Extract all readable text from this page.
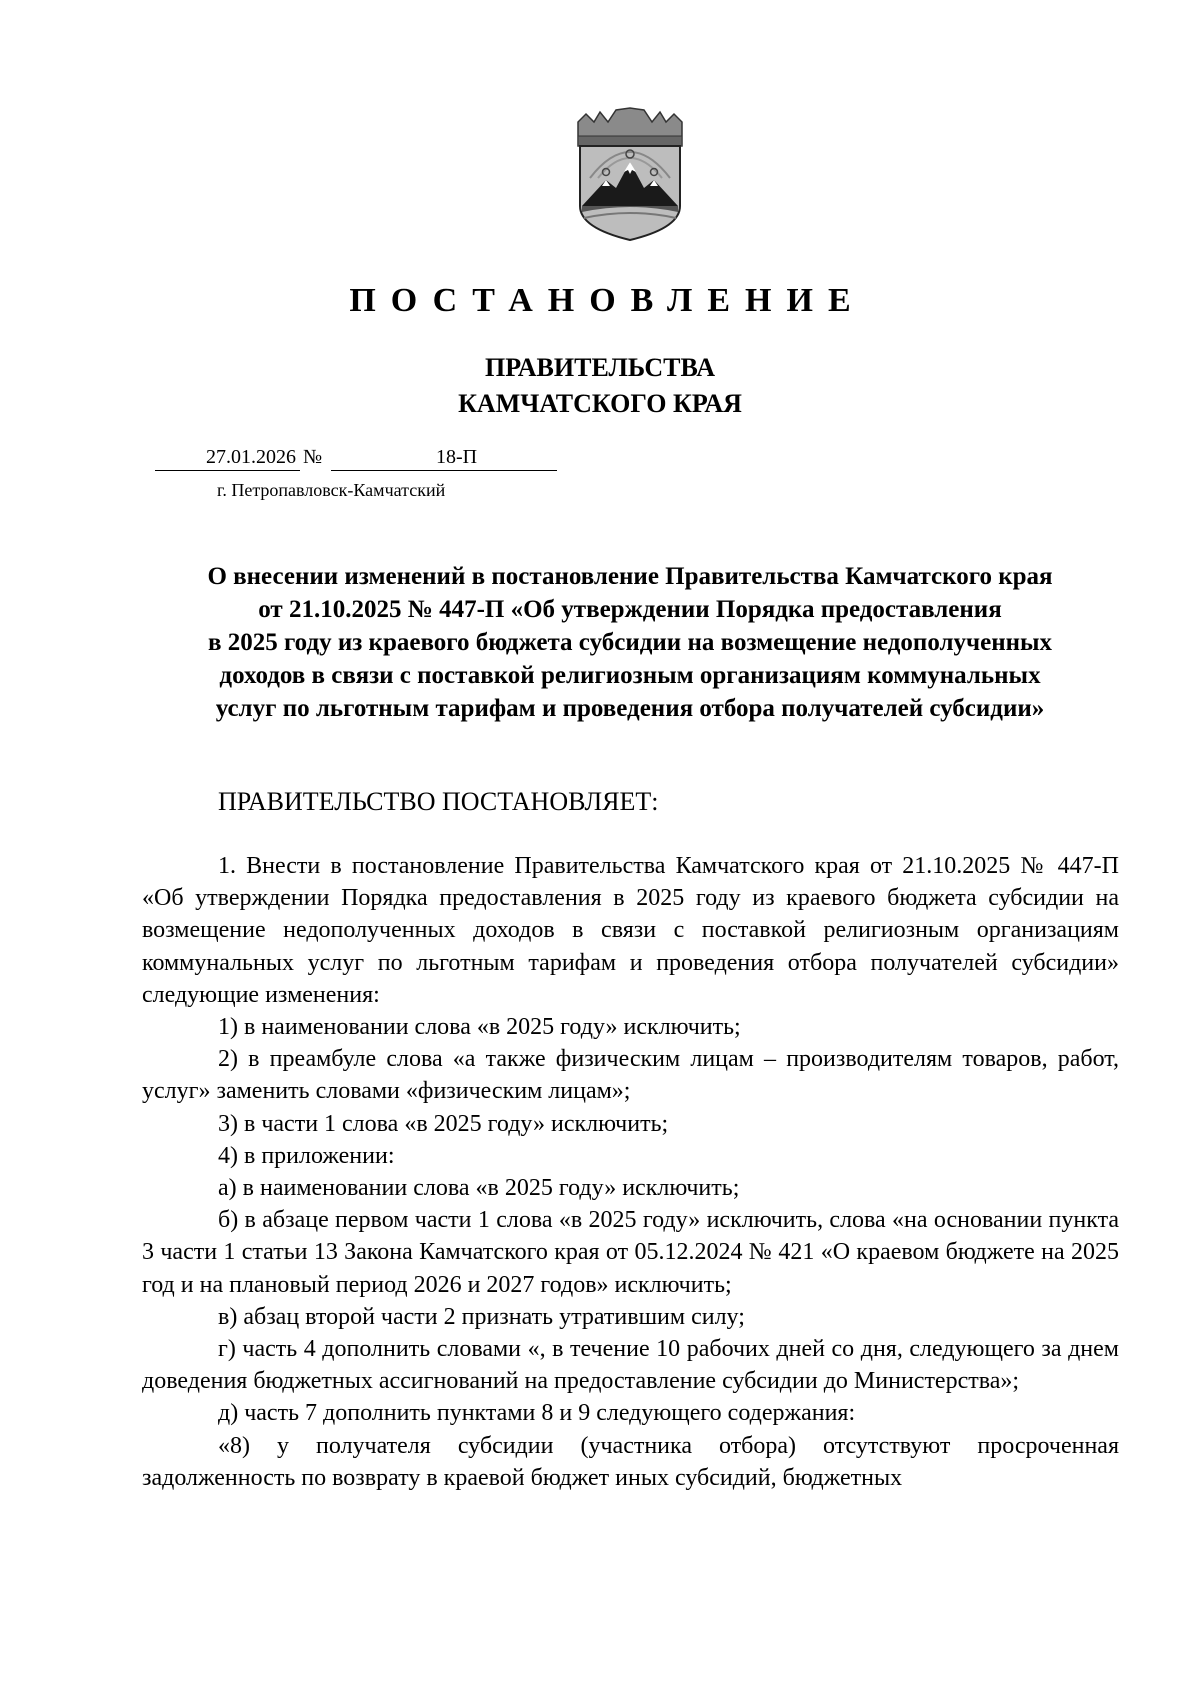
ПОСТАНОВЛЕНИЕ
ПРАВИТЕЛЬСТВА
КАМЧАТСКОГО КРАЯ
27.01.2026 №	18-П
г. Петропавловск-Камчатский
О внесении изменений в постановление Правительства Камчатского края
от 21.10.2025 № 447-П «Об утверждении Порядка предоставления
в 2025 году из краевого бюджета субсидии на возмещение недополученных
доходов в связи с поставкой религиозным организациям коммунальных
услуг по льготным тарифам и проведения отбора получателей субсидии»
ПРАВИТЕЛЬСТВО ПОСТАНОВЛЯЕТ:

1. Внести в постановление Правительства Камчатского края от 21.10.2025 № 447-П «Об утверждении Порядка предоставления в 2025 году из краевого бюджета субсидии на возмещение недополученных доходов в связи с поставкой религиозным организациям коммунальных услуг по льготным тарифам и проведения отбора получателей субсидии» следующие изменения:

1) в наименовании слова «в 2025 году» исключить;

2) в преамбуле слова «а также физическим лицам – производителям товаров, работ, услуг» заменить словами «физическим лицам»;

3) в части 1 слова «в 2025 году» исключить;

4) в приложении:

а) в наименовании слова «в 2025 году» исключить;

б) в абзаце первом части 1 слова «в 2025 году» исключить, слова «на основании пункта 3 части 1 статьи 13 Закона Камчатского края от 05.12.2024 № 421 «О краевом бюджете на 2025 год и на плановый период 2026 и 2027 годов» исключить;

в) абзац второй части 2 признать утратившим силу;

г) часть 4 дополнить словами «, в течение 10 рабочих дней со дня, следующего за днем доведения бюджетных ассигнований на предоставление субсидии до Министерства»;

д) часть 7 дополнить пунктами 8 и 9 следующего содержания:

«8) у получателя субсидии (участника отбора) отсутствуют просроченная задолженность по возврату в краевой бюджет иных субсидий, бюджетных
